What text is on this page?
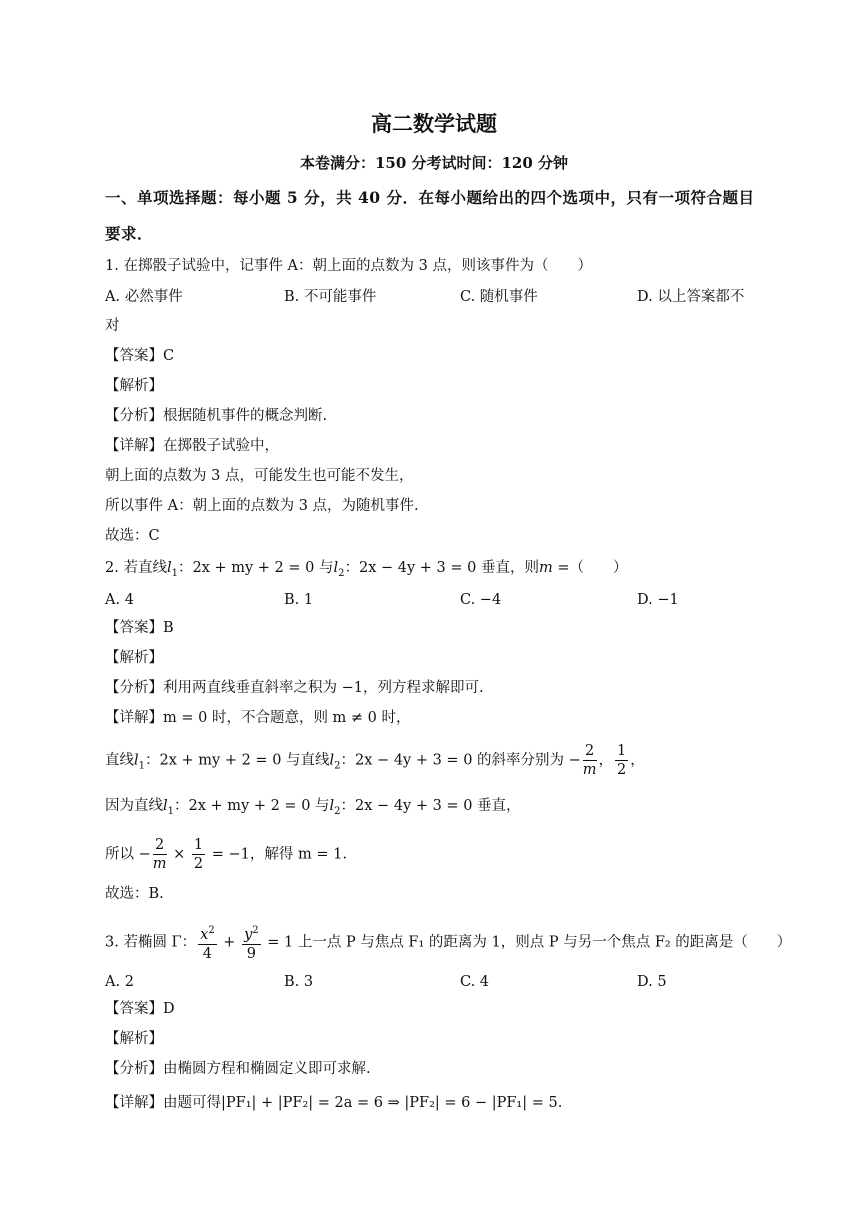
高二数学试题
本卷满分：150 分考试时间：120 分钟
一、单项选择题：每小题 5 分，共 40 分．在每小题给出的四个选项中，只有一项符合题目要求．
1. 在掷骰子试验中，记事件 A：朝上面的点数为 3 点，则该事件为（　　）
A. 必然事件	B. 不可能事件	C. 随机事件	D. 以上答案都不
对
【答案】C
【解析】
【分析】根据随机事件的概念判断.
【详解】在掷骰子试验中，
朝上面的点数为 3 点，可能发生也可能不发生，
所以事件 A：朝上面的点数为 3 点，为随机事件.
故选：C
2. 若直线$l_1$：2x + my + 2 = 0 与$l_2$：2x − 4y + 3 = 0 垂直，则m =（　　）
A. 4	B. 1	C. −4	D. −1
【答案】B
【解析】
【分析】利用两直线垂直斜率之积为 −1，列方程求解即可.
【详解】m = 0 时，不合题意，则 m ≠ 0 时，
直线$l_1$：2x + my + 2 = 0 与直线$l_2$：2x − 4y + 3 = 0 的斜率分别为 − $\frac{2}{m}$ ， $\frac{1}{2}$ ，
因为直线$l_1$：2x + my + 2 = 0 与$l_2$：2x − 4y + 3 = 0 垂直，
所以 − $\frac{2}{m} \times \frac{1}{2} = -1$，解得 m = 1.
故选：B.
3. 若椭圆 Γ： $\frac{x^2}{4} + \frac{y^2}{9} = 1$ 上一点 P 与焦点 F₁ 的距离为 1，则点 P 与另一个焦点 F₂ 的距离是（　　）
A. 2	B. 3	C. 4	D. 5
【答案】D
【解析】
【分析】由椭圆方程和椭圆定义即可求解.
【详解】由题可得|PF₁| + |PF₂| = 2a = 6 ⇒ |PF₂| = 6 − |PF₁| = 5.
